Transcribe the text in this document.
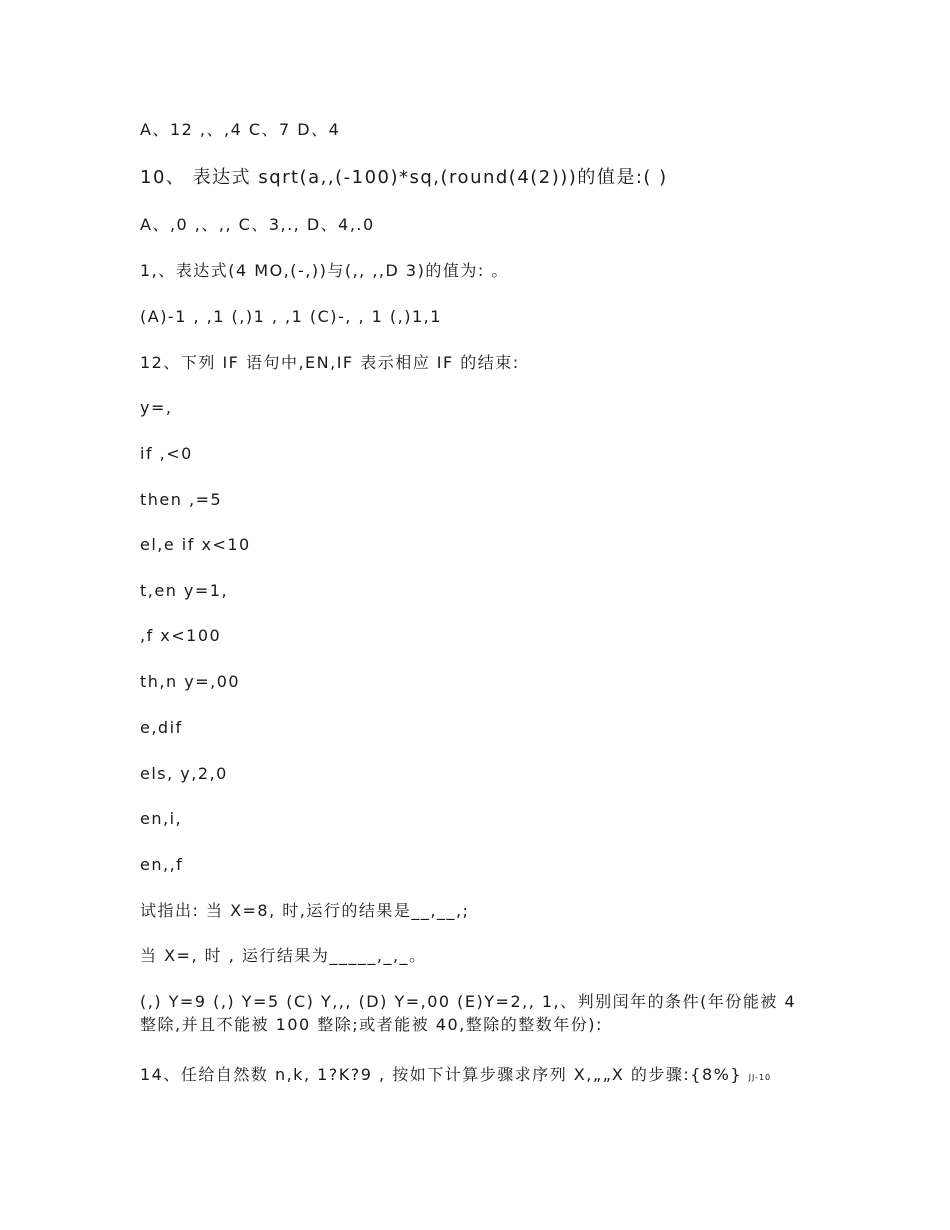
A、12 ,、,4 C、7 D、4
10、 表达式 sqrt(a,,(-100)*sq,(round(4(2)))的值是:( )
A、,0 ,、,, C、3,., D、4,.0
1,、表达式(4 MO,(-,))与(,, ,,D 3)的值为: 。
(A)-1 , ,1 (,)1 , ,1 (C)-, , 1 (,)1,1
12、下列 IF 语句中,EN,IF 表示相应 IF 的结束:
y=,
if ,<0
then ,=5
el,e if x<10
t,en y=1,
,f x<100
th,n y=,00
e,dif
els, y,2,0
en,i,
en,,f
试指出: 当 X=8, 时,运行的结果是__,__,;
当 X=, 时 , 运行结果为_____,_,_。
(,) Y=9 (,) Y=5 (C) Y,,, (D) Y=,00 (E)Y=2,, 1,、判别闰年的条件(年份能被 4 整除,并且不能被 100 整除;或者能被 40,整除的整数年份):
14、任给自然数 n,k, 1?K?9 , 按如下计算步骤求序列 X,„„X 的步骤:{8%} JJ-10
